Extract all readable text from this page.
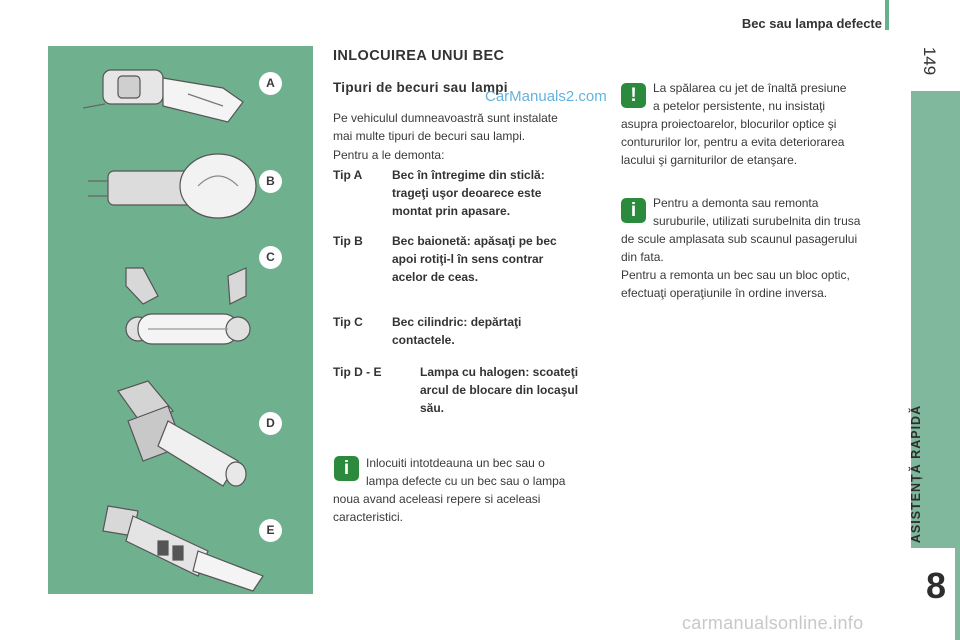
Bec sau lampa defecte
149
ASISTENȚĂ RAPIDĂ
8
A
B
C
D
E
INLOCUIREA UNUI BEC
Tipuri de becuri sau lampi
CarManuals2.com
Pe vehiculul dumneavoastră sunt instalate
mai multe tipuri de becuri sau lampi.
Pentru a le demonta:
Tip A Bec în întregime din sticlă:
trageţi uşor deoarece este
montat prin apasare.
Tip B Bec baionetă: apăsaţi pe bec
apoi rotiţi-l în sens contrar
acelor de ceas.
Tip C Bec cilindric: depărtaţi
contactele.
Tip D - E	Lampa cu halogen: scoateţi
arcul de blocare din locaşul
său.
i	Inlocuiti intotdeauna un bec sau o
lampa defecte cu un bec sau o lampa
noua avand aceleasi repere si aceleasi
caracteristici.
!	La spălarea cu jet de înaltă presiune
a petelor persistente, nu insistaţi
asupra proiectoarelor, blocurilor optice şi
contururilor lor, pentru a evita deteriorarea
lacului şi garniturilor de etanşare.
i	Pentru a demonta sau remonta
suruburile, utilizati surubelnita din trusa
de scule amplasata sub scaunul pasagerului
din fata.
Pentru a remonta un bec sau un bloc optic,
efectuaţi operaţiunile în ordine inversa.
carmanualsonline.info
